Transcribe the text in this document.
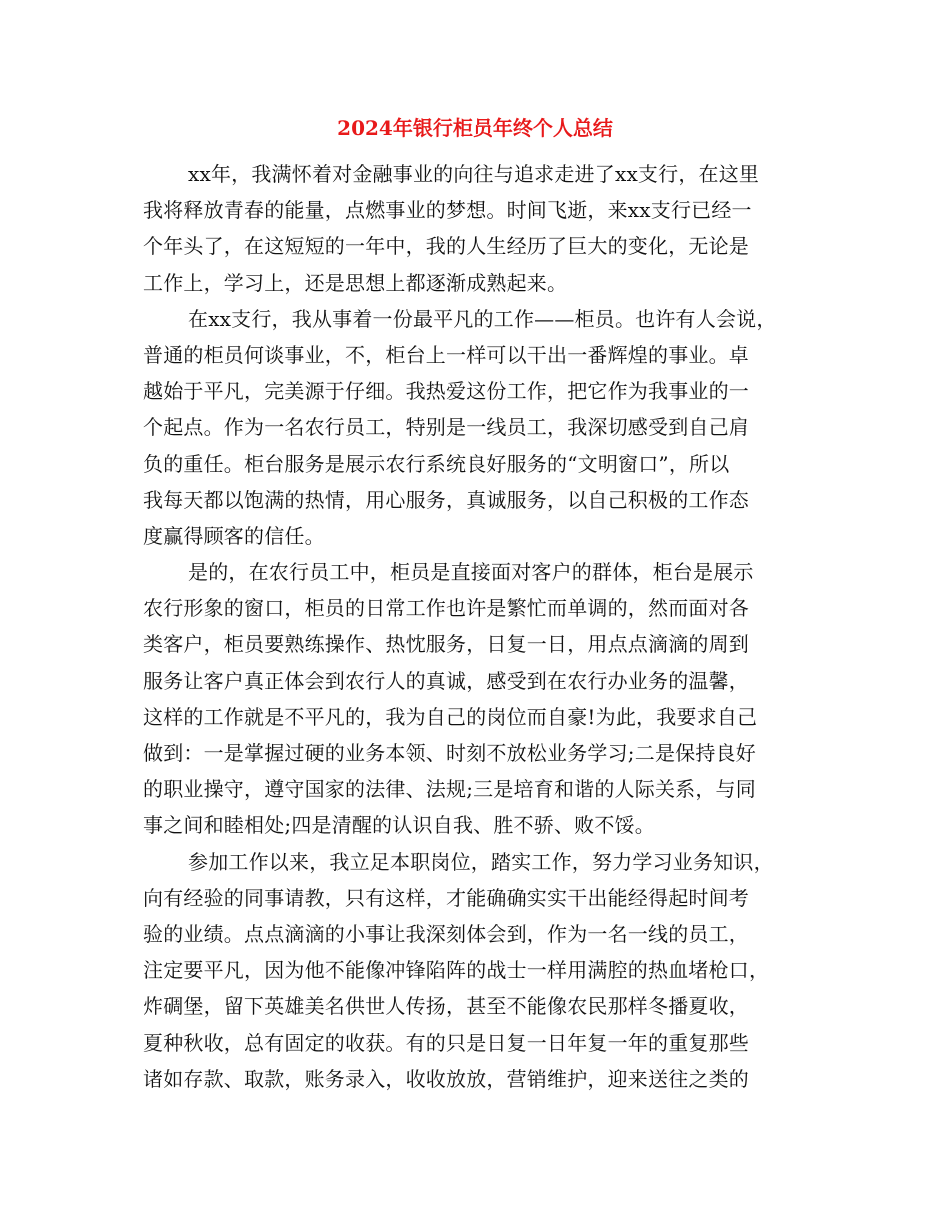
2024年银行柜员年终个人总结

xx年，我满怀着对金融事业的向往与追求走进了xx支行，在这里
我将释放青春的能量，点燃事业的梦想。时间飞逝，来xx支行已经一
个年头了，在这短短的一年中，我的人生经历了巨大的变化，无论是
工作上，学习上，还是思想上都逐渐成熟起来。

在xx支行，我从事着一份最平凡的工作——柜员。也许有人会说，
普通的柜员何谈事业，不，柜台上一样可以干出一番辉煌的事业。卓
越始于平凡，完美源于仔细。我热爱这份工作，把它作为我事业的一
个起点。作为一名农行员工，特别是一线员工，我深切感受到自己肩
负的重任。柜台服务是展示农行系统良好服务的“文明窗口”，所以
我每天都以饱满的热情，用心服务，真诚服务，以自己积极的工作态
度赢得顾客的信任。

是的，在农行员工中，柜员是直接面对客户的群体，柜台是展示
农行形象的窗口，柜员的日常工作也许是繁忙而单调的，然而面对各
类客户，柜员要熟练操作、热忱服务，日复一日，用点点滴滴的周到
服务让客户真正体会到农行人的真诚，感受到在农行办业务的温馨，
这样的工作就是不平凡的，我为自己的岗位而自豪!为此，我要求自己
做到：一是掌握过硬的业务本领、时刻不放松业务学习;二是保持良好
的职业操守，遵守国家的法律、法规;三是培育和谐的人际关系，与同
事之间和睦相处;四是清醒的认识自我、胜不骄、败不馁。

参加工作以来，我立足本职岗位，踏实工作，努力学习业务知识，
向有经验的同事请教，只有这样，才能确确实实干出能经得起时间考
验的业绩。点点滴滴的小事让我深刻体会到，作为一名一线的员工，
注定要平凡，因为他不能像冲锋陷阵的战士一样用满腔的热血堵枪口，
炸碉堡，留下英雄美名供世人传扬，甚至不能像农民那样冬播夏收，
夏种秋收，总有固定的收获。有的只是日复一日年复一年的重复那些
诸如存款、取款，账务录入，收收放放，营销维护，迎来送往之类的
